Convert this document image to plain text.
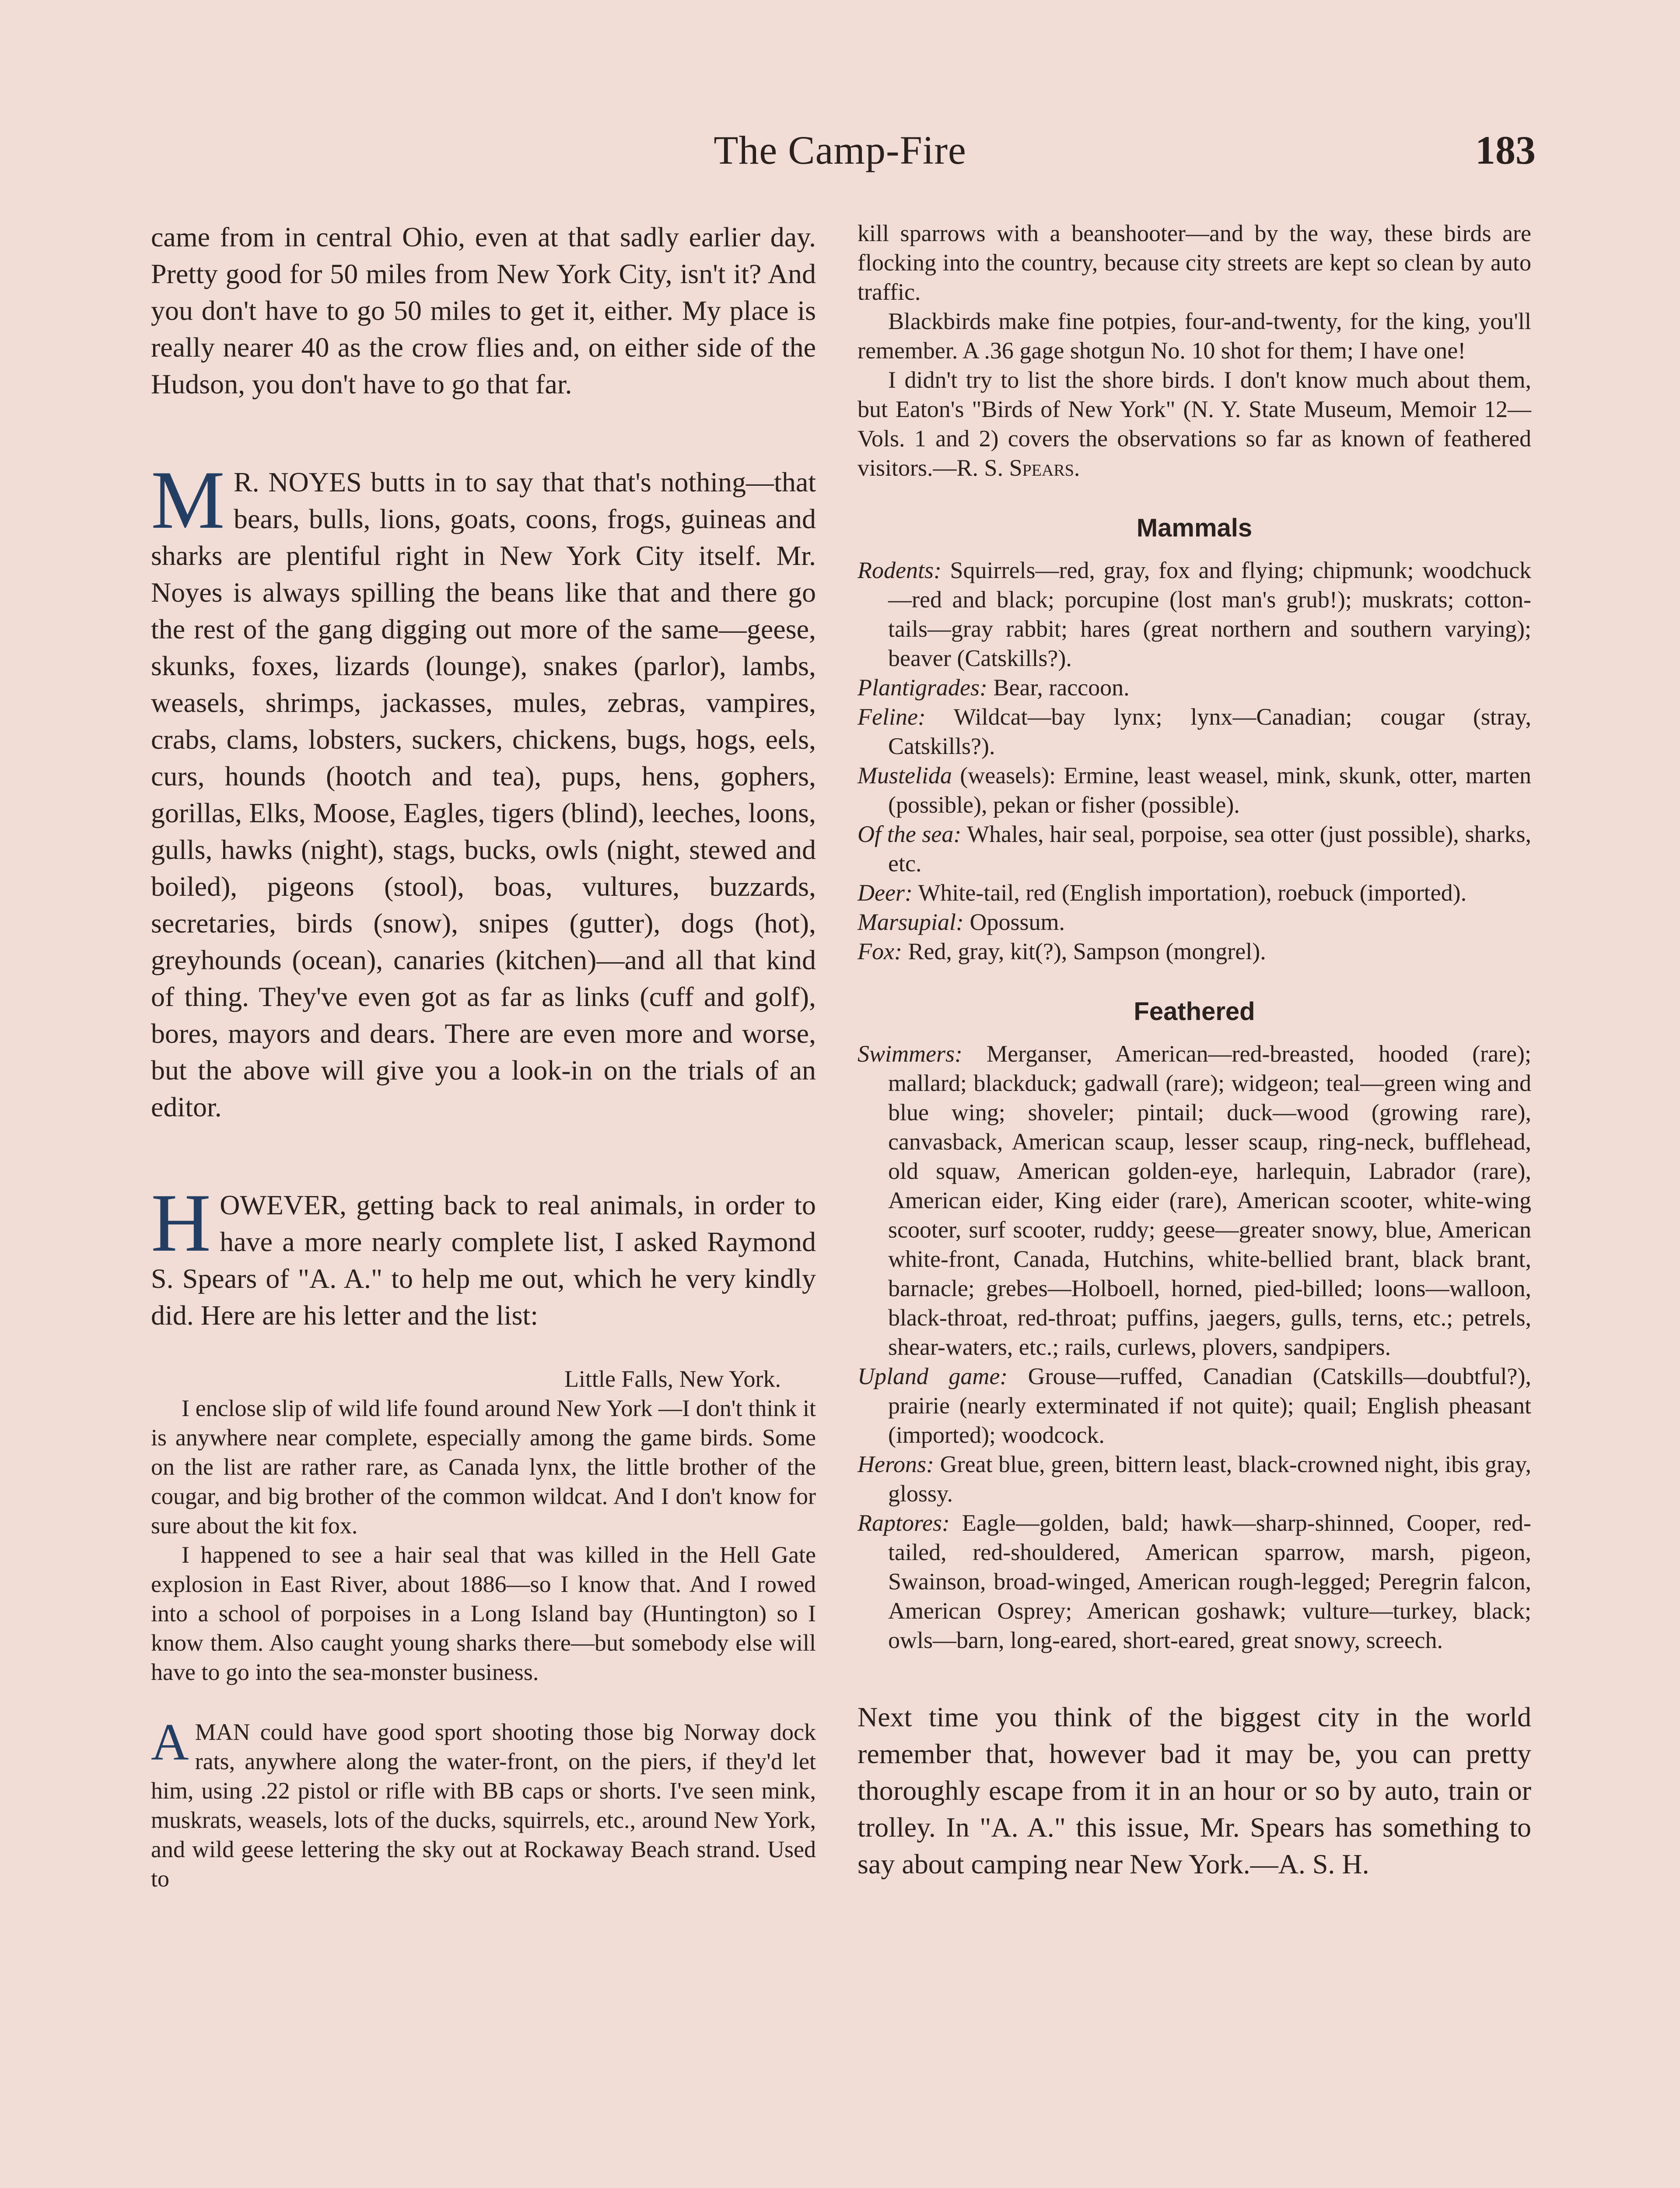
The Camp-Fire	183

came from in central Ohio, even at that sadly earlier day. Pretty good for 50 miles from New York City, isn't it? And you don't have to go 50 miles to get it, either. My place is really nearer 40 as the crow flies and, on either side of the Hudson, you don't have to go that far.

M R. NOYES butts in to say that that's nothing—that bears, bulls, lions, goats, coons, frogs, guineas and sharks are plentiful right in New York City itself. Mr. Noyes is always spilling the beans like that and there go the rest of the gang digging out more of the same—geese, skunks, foxes, lizards (lounge), snakes (parlor), lambs, weasels, shrimps, jackasses, mules, zebras, vampires, crabs, clams, lobsters, suckers, chickens, bugs, hogs, eels, curs, hounds (hootch and tea), pups, hens, gophers, gorillas, Elks, Moose, Eagles, tigers (blind), leeches, loons, gulls, hawks (night), stags, bucks, owls (night, stewed and boiled), pigeons (stool), boas, vultures, buzzards, secretaries, birds (snow), snipes (gutter), dogs (hot), greyhounds (ocean), canaries (kitchen)—and all that kind of thing. They've even got as far as links (cuff and golf), bores, mayors and dears. There are even more and worse, but the above will give you a look-in on the trials of an editor.

HOWEVER, getting back to real animals, in order to have a more nearly complete list, I asked Raymond S. Spears of "A. A." to help me out, which he very kindly did. Here are his letter and the list:

Little Falls, New York.

I enclose slip of wild life found around New York —I don't think it is anywhere near complete, especially among the game birds. Some on the list are rather rare, as Canada lynx, the little brother of the cougar, and big brother of the common wildcat. And I don't know for sure about the kit fox.

I happened to see a hair seal that was killed in the Hell Gate explosion in East River, about 1886—so I know that. And I rowed into a school of porpoises in a Long Island bay (Huntington) so I know them. Also caught young sharks there—but somebody else will have to go into the sea-monster business.

AMAN could have good sport shooting those big Norway dock rats, anywhere along the water-front, on the piers, if they'd let him, using .22 pistol or rifle with BB caps or shorts. I've seen mink, muskrats, weasels, lots of the ducks, squirrels, etc., around New York, and wild geese lettering the sky out at Rockaway Beach strand. Used to

kill sparrows with a beanshooter—and by the way, these birds are flocking into the country, because city streets are kept so clean by auto traffic.

Blackbirds make fine potpies, four-and-twenty, for the king, you'll remember. A .36 gage shotgun No. 10 shot for them; I have one!

I didn't try to list the shore birds. I don't know much about them, but Eaton's "Birds of New York" (N. Y. State Museum, Memoir 12—Vols. 1 and 2) covers the observations so far as known of feathered visitors.—R. S. Spears.

Mammals

Rodents: Squirrels—red, gray, fox and flying; chipmunk; woodchuck—red and black; porcupine (lost man's grub!); muskrats; cotton-tails—gray rabbit; hares (great northern and southern varying); beaver (Catskills?).

Plantigrades: Bear, raccoon.

Feline: Wildcat—bay lynx; lynx—Canadian; cougar (stray, Catskills?).

Mustelida (weasels): Ermine, least weasel, mink, skunk, otter, marten (possible), pekan or fisher (possible).

Of the sea: Whales, hair seal, porpoise, sea otter (just possible), sharks, etc.

Deer: White-tail, red (English importation), roebuck (imported).

Marsupial: Opossum.

Fox: Red, gray, kit(?), Sampson (mongrel).

Feathered

Swimmers: Merganser, American—red-breasted, hooded (rare); mallard; blackduck; gadwall (rare); widgeon; teal—green wing and blue wing; shoveler; pintail; duck—wood (growing rare), canvasback, American scaup, lesser scaup, ring-neck, bufflehead, old squaw, American golden-eye, harlequin, Labrador (rare), American eider, King eider (rare), American scooter, white-wing scooter, surf scooter, ruddy; geese—greater snowy, blue, American white-front, Canada, Hutchins, white-bellied brant, black brant, barnacle; grebes—Holboell, horned, pied-billed; loons—walloon, black-throat, red-throat; puffins, jaegers, gulls, terns, etc.; petrels, shear-waters, etc.; rails, curlews, plovers, sandpipers.

Upland game: Grouse—ruffed, Canadian (Catskills—doubtful?), prairie (nearly exterminated if not quite); quail; English pheasant (imported); woodcock.

Herons: Great blue, green, bittern least, black-crowned night, ibis gray, glossy.

Raptores: Eagle—golden, bald; hawk—sharp-shinned, Cooper, red-tailed, red-shouldered, American sparrow, marsh, pigeon, Swainson, broad-winged, American rough-legged; Peregrin falcon, American Osprey; American goshawk; vulture—turkey, black; owls—barn, long-eared, short-eared, great snowy, screech.

Next time you think of the biggest city in the world remember that, however bad it may be, you can pretty thoroughly escape from it in an hour or so by auto, train or trolley. In "A. A." this issue, Mr. Spears has something to say about camping near New York.—A. S. H.
